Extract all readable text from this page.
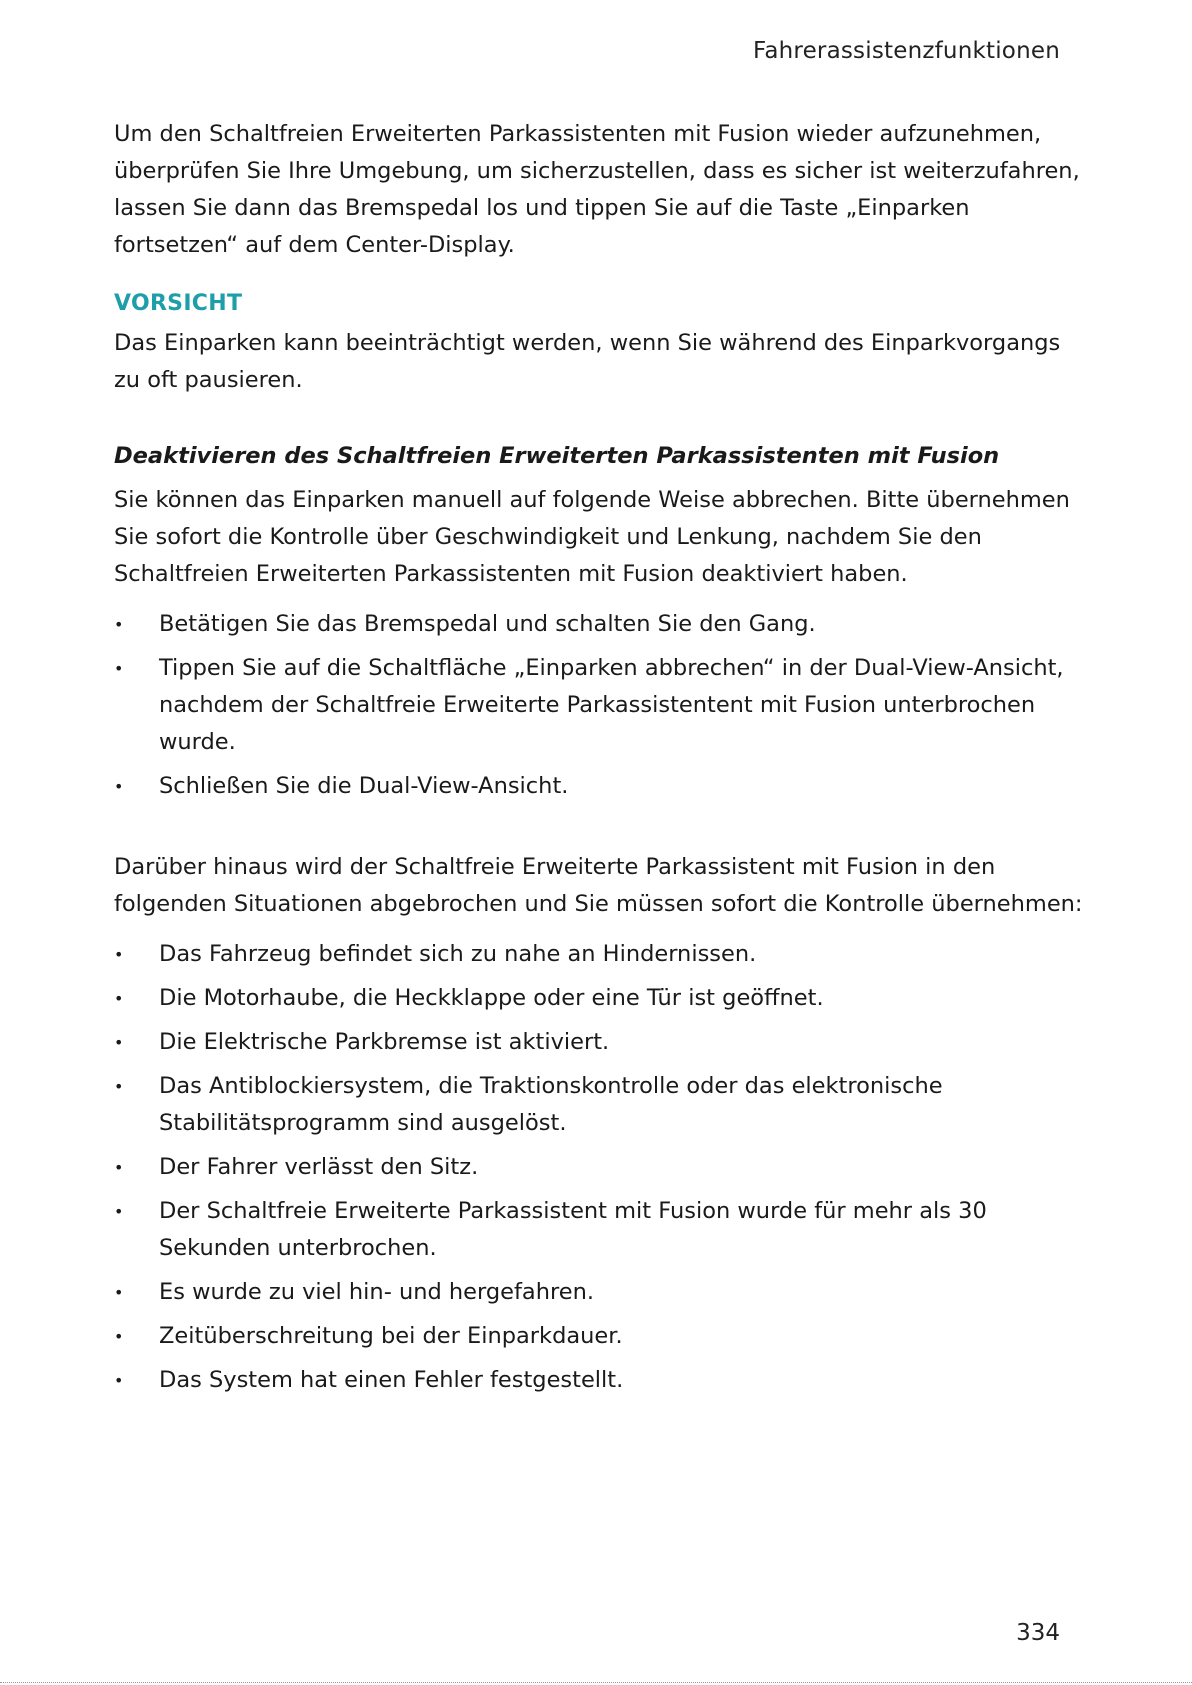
Fahrerassistenzfunktionen

Um den Schaltfreien Erweiterten Parkassistenten mit Fusion wieder aufzunehmen, überprüfen Sie Ihre Umgebung, um sicherzustellen, dass es sicher ist weiterzufahren, lassen Sie dann das Bremspedal los und tippen Sie auf die Taste „Einparken fortsetzen“ auf dem Center-Display.

VORSICHT

Das Einparken kann beeinträchtigt werden, wenn Sie während des Einparkvorgangs zu oft pausieren.

Deaktivieren des Schaltfreien Erweiterten Parkassistenten mit Fusion

Sie können das Einparken manuell auf folgende Weise abbrechen. Bitte übernehmen Sie sofort die Kontrolle über Geschwindigkeit und Lenkung, nachdem Sie den Schaltfreien Erweiterten Parkassistenten mit Fusion deaktiviert haben.

• Betätigen Sie das Bremspedal und schalten Sie den Gang.
• Tippen Sie auf die Schaltfläche „Einparken abbrechen“ in der Dual-View-Ansicht, nachdem der Schaltfreie Erweiterte Parkassistentent mit Fusion unterbrochen wurde.
• Schließen Sie die Dual-View-Ansicht.

Darüber hinaus wird der Schaltfreie Erweiterte Parkassistent mit Fusion in den folgenden Situationen abgebrochen und Sie müssen sofort die Kontrolle übernehmen:

• Das Fahrzeug befindet sich zu nahe an Hindernissen.
• Die Motorhaube, die Heckklappe oder eine Tür ist geöffnet.
• Die Elektrische Parkbremse ist aktiviert.
• Das Antiblockiersystem, die Traktionskontrolle oder das elektronische Stabilitätsprogramm sind ausgelöst.
• Der Fahrer verlässt den Sitz.
• Der Schaltfreie Erweiterte Parkassistent mit Fusion wurde für mehr als 30 Sekunden unterbrochen.
• Es wurde zu viel hin- und hergefahren.
• Zeitüberschreitung bei der Einparkdauer.
• Das System hat einen Fehler festgestellt.
334
